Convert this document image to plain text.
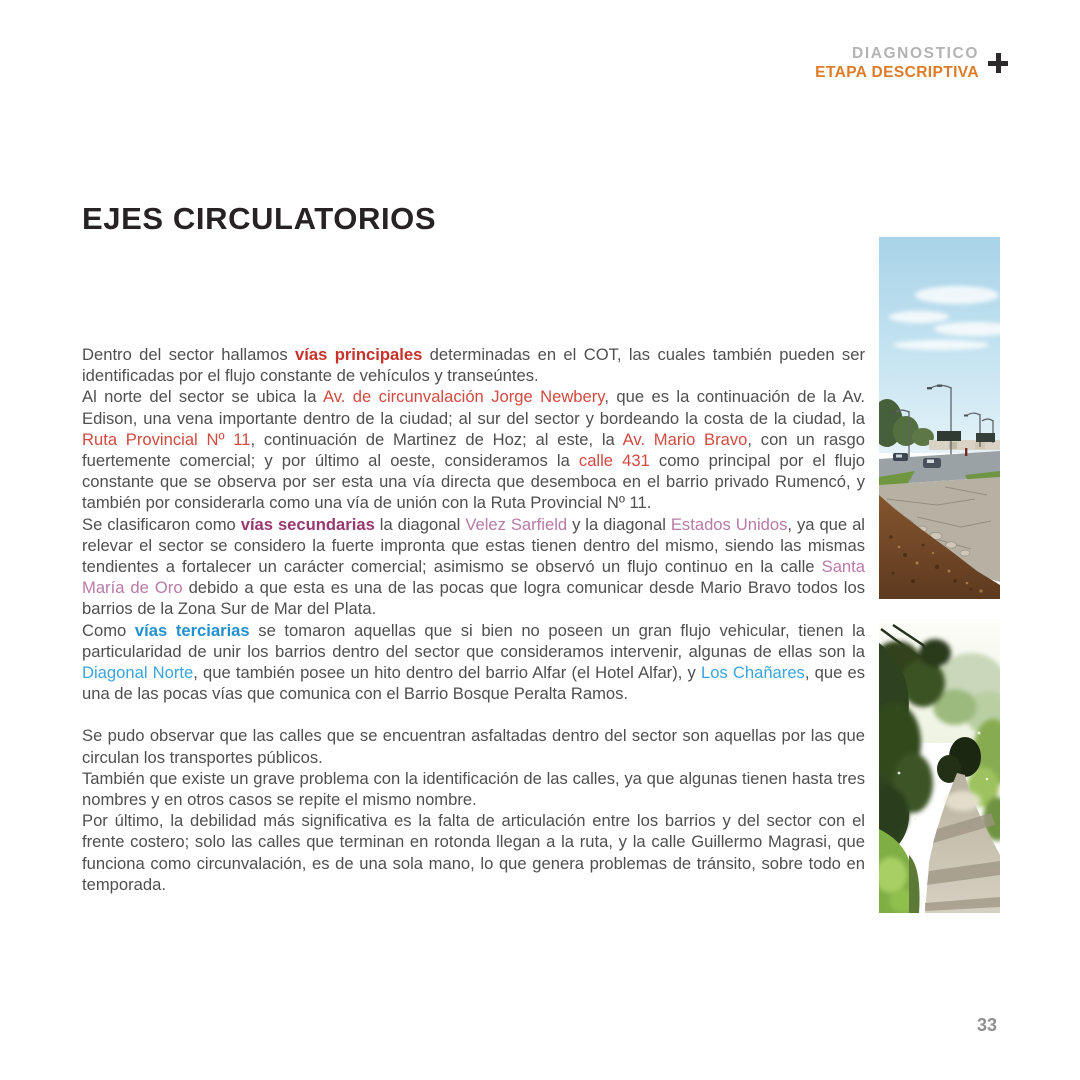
DIAGNOSTICO
ETAPA DESCRIPTIVA
EJES CIRCULATORIOS

Dentro del sector hallamos vías principales determinadas en el COT, las cuales también pueden ser identificadas por el flujo constante de vehículos y transeúntes.

Al norte del sector se ubica la Av. de circunvalación Jorge Newbery, que es la continuación de la Av. Edison, una vena importante dentro de la ciudad; al sur del sector y bordeando la costa de la ciudad, la Ruta Provincial Nº 11, continuación de Martinez de Hoz; al este, la Av. Mario Bravo, con un rasgo fuertemente comercial; y por último al oeste, consideramos la calle 431 como principal por el flujo constante que se observa por ser esta una vía directa que desemboca en el barrio privado Rumencó, y también por considerarla como una vía de unión con la Ruta Provincial Nº 11.

Se clasificaron como vías secundarias la diagonal Velez Sarfield y la diagonal Estados Unidos, ya que al relevar el sector se considero la fuerte impronta que estas tienen dentro del mismo, siendo las mismas tendientes a fortalecer un carácter comercial; asimismo se observó un flujo continuo en la calle Santa María de Oro debido a que esta es una de las pocas que logra comunicar desde Mario Bravo todos los barrios de la Zona Sur de Mar del Plata.

Como vías terciarias se tomaron aquellas que si bien no poseen un gran flujo vehicular, tienen la particularidad de unir los barrios dentro del sector que consideramos intervenir, algunas de ellas son la Diagonal Norte, que también posee un hito dentro del barrio Alfar (el Hotel Alfar), y Los Chañares, que es una de las pocas vías que comunica con el Barrio Bosque Peralta Ramos.

Se pudo observar que las calles que se encuentran asfaltadas dentro del sector son aquellas por las que circulan los transportes públicos.

También que existe un grave problema con la identificación de las calles, ya que algunas tienen hasta tres nombres y en otros casos se repite el mismo nombre.

Por último, la debilidad más significativa es la falta de articulación entre los barrios y del sector con el frente costero; solo las calles que terminan en rotonda llegan a la ruta, y la calle Guillermo Magrasi, que funciona como circunvalación, es de una sola mano, lo que genera problemas de tránsito, sobre todo en temporada.

33
